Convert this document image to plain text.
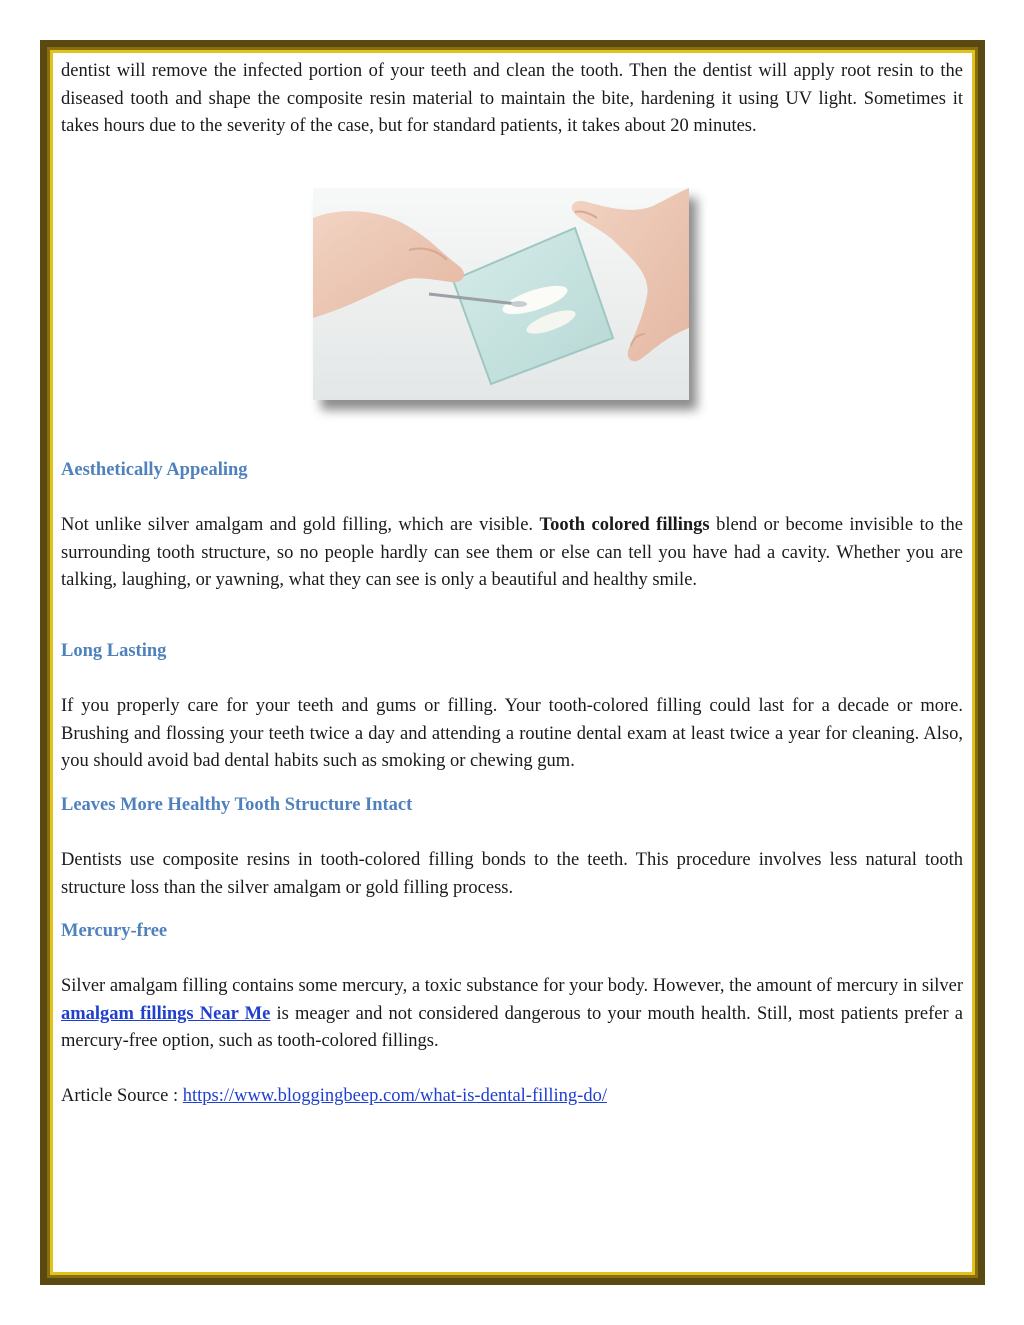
dentist will remove the infected portion of your teeth and clean the tooth. Then the dentist will apply root resin to the diseased tooth and shape the composite resin material to maintain the bite, hardening it using UV light. Sometimes it takes hours due to the severity of the case, but for standard patients, it takes about 20 minutes.

Aesthetically Appealing

Not unlike silver amalgam and gold filling, which are visible. Tooth colored fillings blend or become invisible to the surrounding tooth structure, so no people hardly can see them or else can tell you have had a cavity. Whether you are talking, laughing, or yawning, what they can see is only a beautiful and healthy smile.

Long Lasting

If you properly care for your teeth and gums or filling. Your tooth-colored filling could last for a decade or more. Brushing and flossing your teeth twice a day and attending a routine dental exam at least twice a year for cleaning. Also, you should avoid bad dental habits such as smoking or chewing gum.

Leaves More Healthy Tooth Structure Intact

Dentists use composite resins in tooth-colored filling bonds to the teeth. This procedure involves less natural tooth structure loss than the silver amalgam or gold filling process.

Mercury-free

Silver amalgam filling contains some mercury, a toxic substance for your body. However, the amount of mercury in silver amalgam fillings Near Me is meager and not considered dangerous to your mouth health. Still, most patients prefer a mercury-free option, such as tooth-colored fillings.

Article Source : https://www.bloggingbeep.com/what-is-dental-filling-do/
